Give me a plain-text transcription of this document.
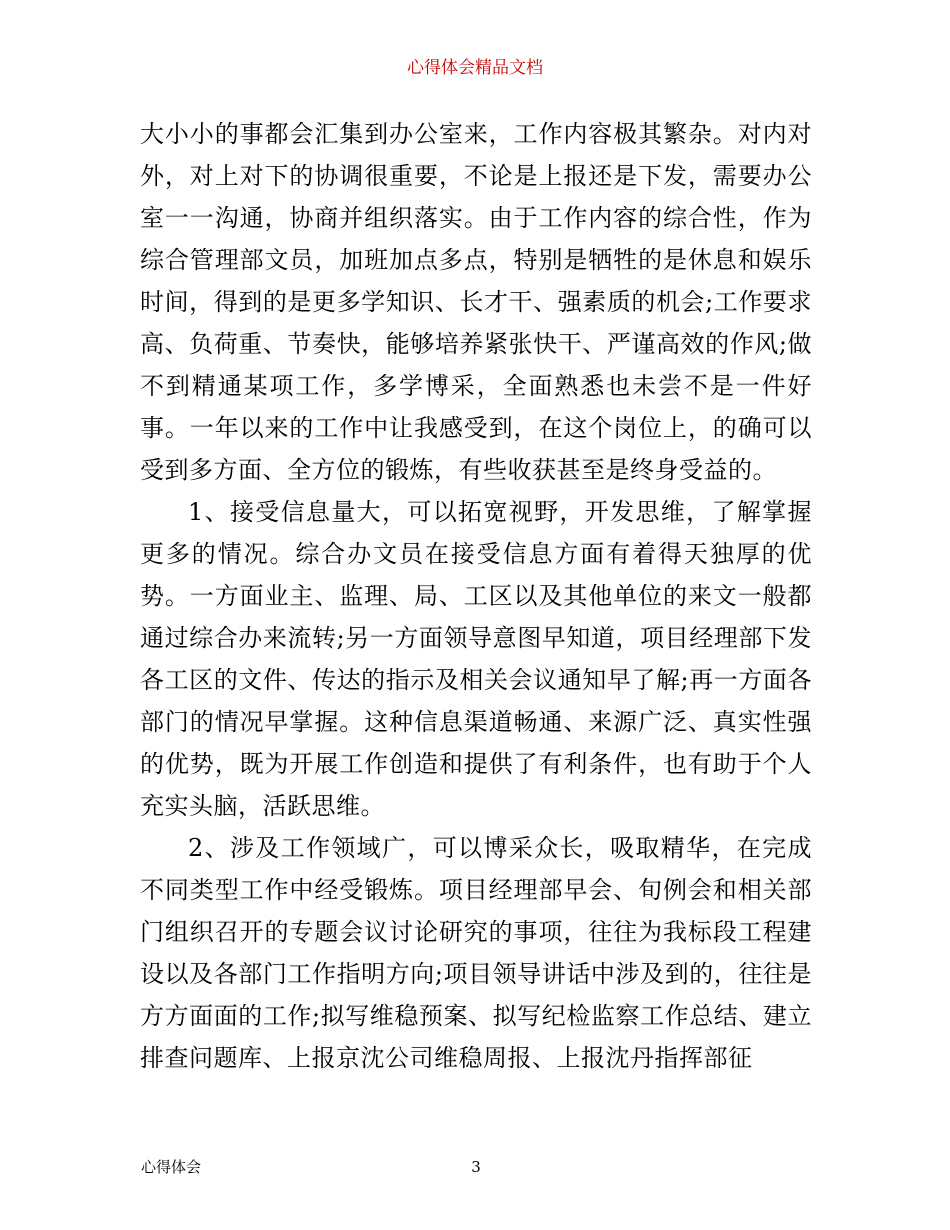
心得体会精品文档

大小小的事都会汇集到办公室来，工作内容极其繁杂。对内对外，对上对下的协调很重要，不论是上报还是下发，需要办公室一一沟通，协商并组织落实。由于工作内容的综合性，作为综合管理部文员，加班加点多点，特别是牺牲的是休息和娱乐时间，得到的是更多学知识、长才干、强素质的机会;工作要求高、负荷重、节奏快，能够培养紧张快干、严谨高效的作风;做不到精通某项工作，多学博采，全面熟悉也未尝不是一件好事。一年以来的工作中让我感受到，在这个岗位上，的确可以受到多方面、全方位的锻炼，有些收获甚至是终身受益的。

1、接受信息量大，可以拓宽视野，开发思维，了解掌握更多的情况。综合办文员在接受信息方面有着得天独厚的优势。一方面业主、监理、局、工区以及其他单位的来文一般都通过综合办来流转;另一方面领导意图早知道，项目经理部下发各工区的文件、传达的指示及相关会议通知早了解;再一方面各部门的情况早掌握。这种信息渠道畅通、来源广泛、真实性强的优势，既为开展工作创造和提供了有利条件，也有助于个人充实头脑，活跃思维。

2、涉及工作领域广，可以博采众长，吸取精华，在完成不同类型工作中经受锻炼。项目经理部早会、旬例会和相关部门组织召开的专题会议讨论研究的事项，往往为我标段工程建设以及各部门工作指明方向;项目领导讲话中涉及到的，往往是方方面面的工作;拟写维稳预案、拟写纪检监察工作总结、建立排查问题库、上报京沈公司维稳周报、上报沈丹指挥部征

心得体会	3
